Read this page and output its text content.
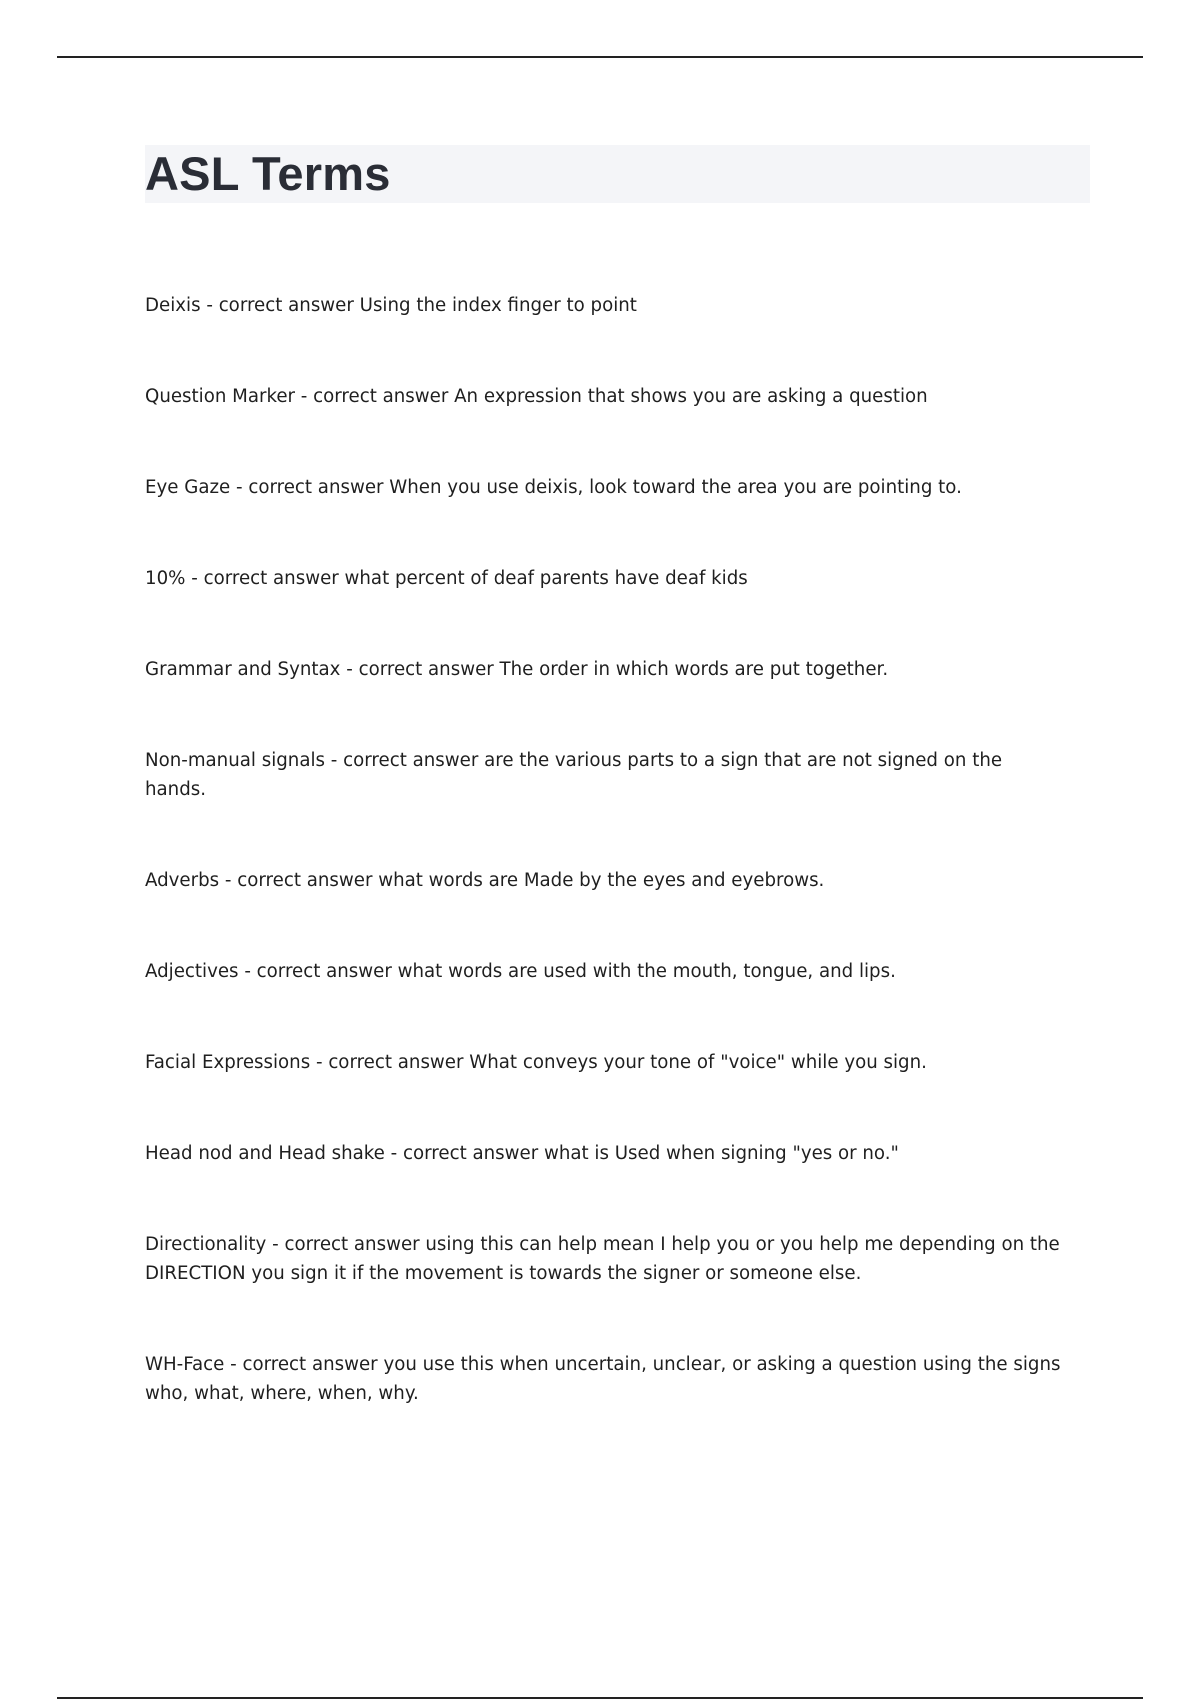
ASL Terms
Deixis - correct answer Using the index finger to point
Question Marker - correct answer An expression that shows you are asking a question
Eye Gaze - correct answer When you use deixis, look toward the area you are pointing to.
10% - correct answer what percent of deaf parents have deaf kids
Grammar and Syntax - correct answer The order in which words are put together.
Non-manual signals - correct answer are the various parts to a sign that are not signed on the hands.
Adverbs - correct answer what words are Made by the eyes and eyebrows.
Adjectives - correct answer what words are used with the mouth, tongue, and lips.
Facial Expressions - correct answer What conveys your tone of "voice" while you sign.
Head nod and Head shake - correct answer what is Used when signing "yes or no."
Directionality - correct answer using this can help mean I help you or you help me depending on the DIRECTION you sign it if the movement is towards the signer or someone else.
WH-Face - correct answer you use this when uncertain, unclear, or asking a question using the signs who, what, where, when, why.
